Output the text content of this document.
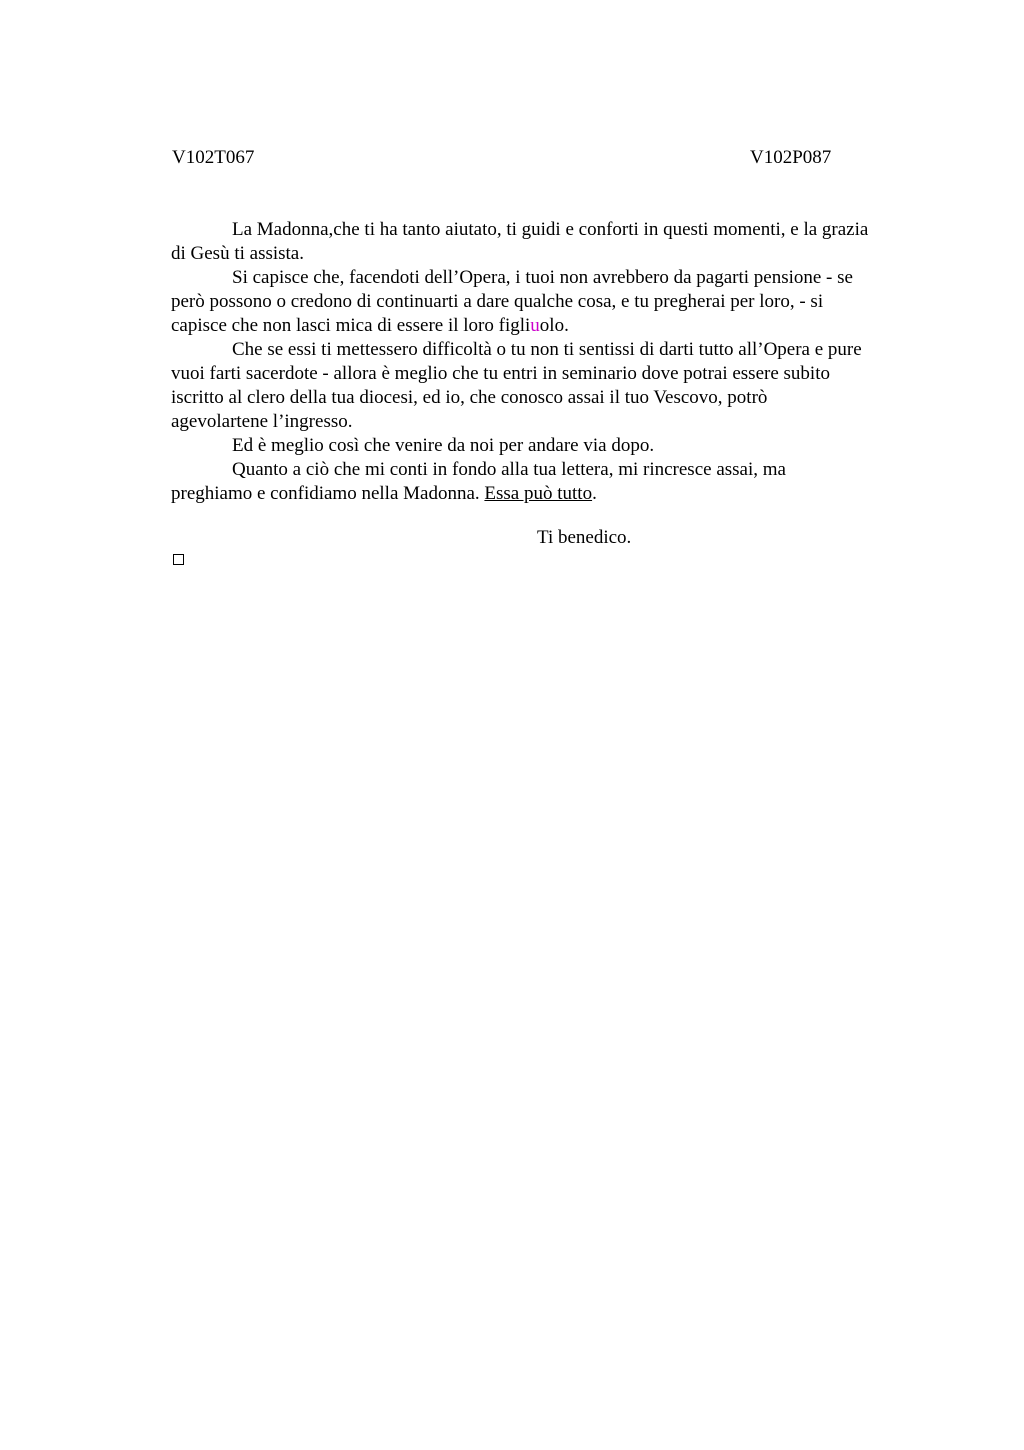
V102T067	V102P087

La Madonna,che ti ha tanto aiutato, ti guidi e conforti in questi momenti, e la grazia
di Gesù ti assista.

Si capisce che, facendoti dell’Opera, i tuoi non avrebbero da pagarti pensione - se
però possono o credono di continuarti a dare qualche cosa, e tu pregherai per loro, - si
capisce che non lasci mica di essere il loro figliuolo.

Che se essi ti mettessero difficoltà o tu non ti sentissi di darti tutto all’Opera e pure
vuoi farti sacerdote - allora è meglio che tu entri in seminario dove potrai essere subito
iscritto al clero della tua diocesi, ed io, che conosco assai il tuo Vescovo, potrò
agevolartene l’ingresso.

Ed è meglio così che venire da noi per andare via dopo.

Quanto a ciò che mi conti in fondo alla tua lettera, mi rincresce assai, ma
preghiamo e confidiamo nella Madonna. Essa può tutto.

Ti benedico.
